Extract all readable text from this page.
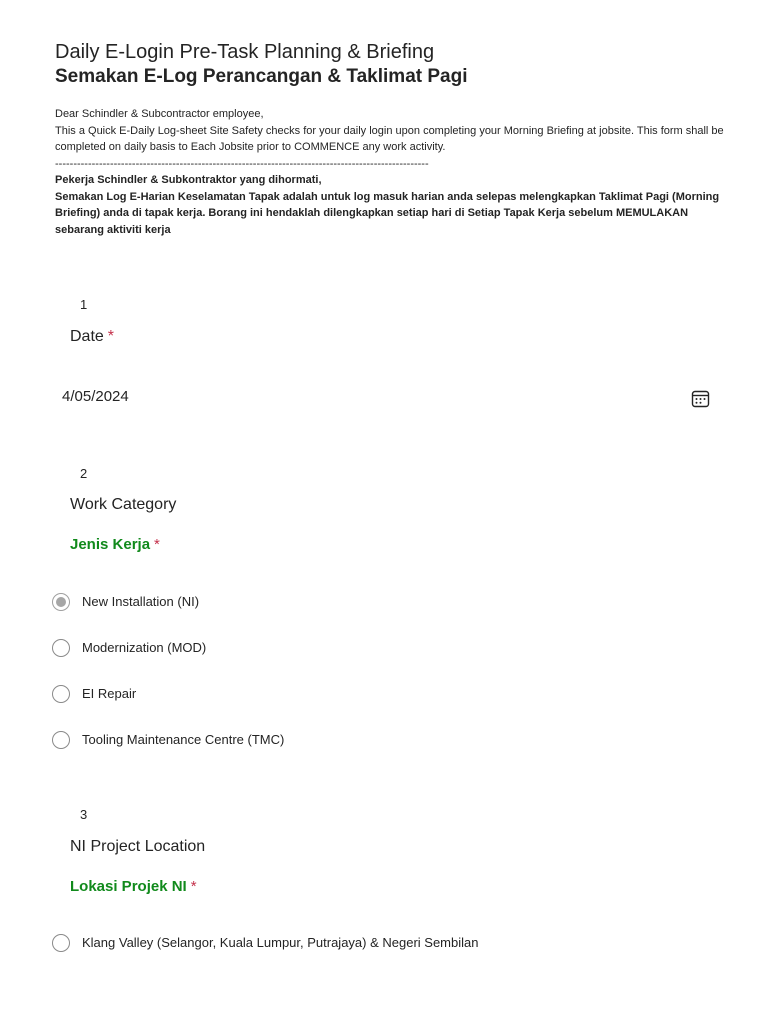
Daily E-Login Pre-Task Planning & Briefing
Semakan E-Log Perancangan & Taklimat Pagi

Dear Schindler & Subcontractor employee,

This a Quick E-Daily Log-sheet Site Safety checks for your daily login upon completing your Morning Briefing at jobsite. This form shall be completed on daily basis to Each Jobsite prior to COMMENCE any work activity.

------------------------------------------------------------------------------------------------------

Pekerja Schindler & Subkontraktor yang dihormati,

Semakan Log E-Harian Keselamatan Tapak adalah untuk log masuk harian anda selepas melengkapkan Taklimat Pagi (Morning Briefing) anda di tapak kerja. Borang ini hendaklah dilengkapkan setiap hari di Setiap Tapak Kerja sebelum MEMULAKAN sebarang aktiviti kerja

1
Date *
4/05/2024
2
Work Category
Jenis Kerja *
New Installation (NI)
Modernization (MOD)
EI Repair
Tooling Maintenance Centre (TMC)
3
NI Project Location
Lokasi Projek NI *
Klang Valley (Selangor, Kuala Lumpur, Putrajaya) & Negeri Sembilan
